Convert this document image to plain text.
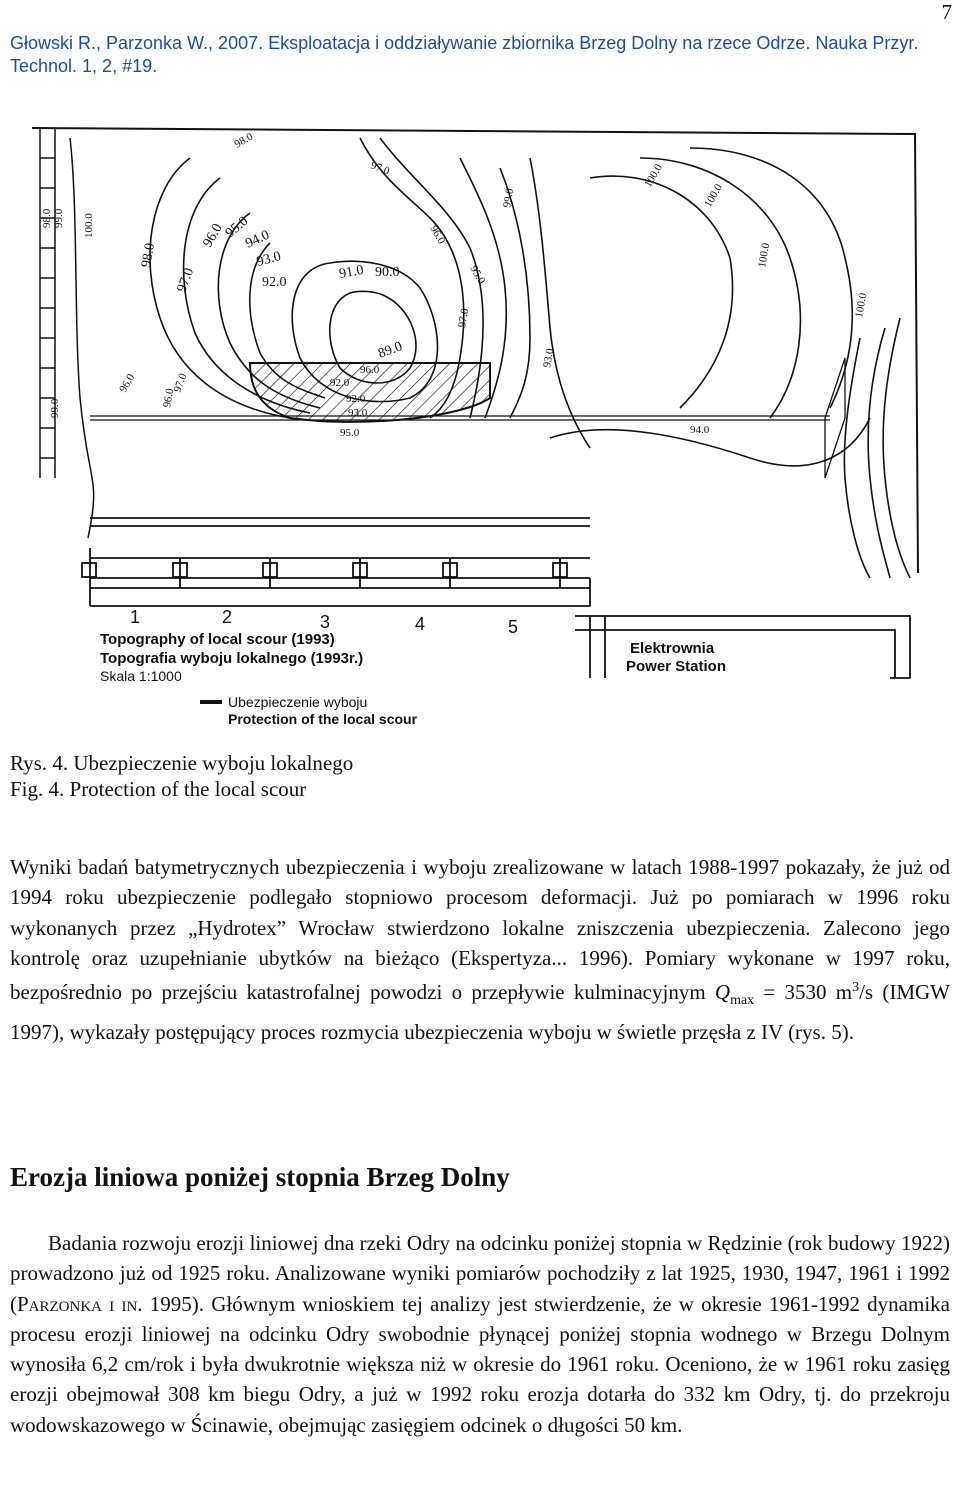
7
Głowski R., Parzonka W., 2007. Eksploatacja i oddziaływanie zbiornika Brzeg Dolny na rzece Odrze. Nauka Przyr.
Technol. 1, 2, #19.
98.0
97.0
96.0
95.0
94.0
93.0
92.0
91.0 90.0
89.0
92.0
93.0
95.0
96.0
97.0
98.0
99.0
100.0
97.0
96.0
95.0
96.0
92.0
93.0
94.0
98.0 99.0 100.0
100.0
100.0
100.0
99.0
97.0
96.0
1	2	3	4	5
Topography of local scour (1993)
Topografia wyboju lokalnego (1993r.)
Skala 1:1000
Ubezpieczenie wyboju
Protection of the local scour
Elektrownia
Power Station
Rys. 4. Ubezpieczenie wyboju lokalnego
Fig. 4. Protection of the local scour
Wyniki badań batymetrycznych ubezpieczenia i wyboju zrealizowane w latach 1988-1997 pokazały, że już od 1994 roku ubezpieczenie podlegało stopniowo procesom deformacji. Już po pomiarach w 1996 roku wykonanych przez „Hydrotex” Wrocław stwierdzono lokalne zniszczenia ubezpieczenia. Zalecono jego kontrolę oraz uzupełnianie ubytków na bieżąco (Ekspertyza... 1996). Pomiary wykonane w 1997 roku, bezpośrednio po przejściu katastrofalnej powodzi o przepływie kulminacyjnym $Q_{max} = 3530$ $m^3/s$ (IMGW 1997), wykazały postępujący proces rozmycia ubezpieczenia wyboju w świetle przęsła z IV (rys. 5).
Erozja liniowa poniżej stopnia Brzeg Dolny
Badania rozwoju erozji liniowej dna rzeki Odry na odcinku poniżej stopnia w Rędzinie (rok budowy 1922) prowadzono już od 1925 roku. Analizowane wyniki pomiarów pochodziły z lat 1925, 1930, 1947, 1961 i 1992 (Parzonka i in. 1995). Głównym wnioskiem tej analizy jest stwierdzenie, że w okresie 1961-1992 dynamika procesu erozji liniowej na odcinku Odry swobodnie płynącej poniżej stopnia wodnego w Brzegu Dolnym wynosiła 6,2 cm/rok i była dwukrotnie większa niż w okresie do 1961 roku. Oceniono, że w 1961 roku zasięg erozji obejmował 308 km biegu Odry, a już w 1992 roku erozja dotarła do 332 km Odry, tj. do przekroju wodowskazowego w Ścinawie, obejmując zasięgiem odcinek o długości 50 km.
